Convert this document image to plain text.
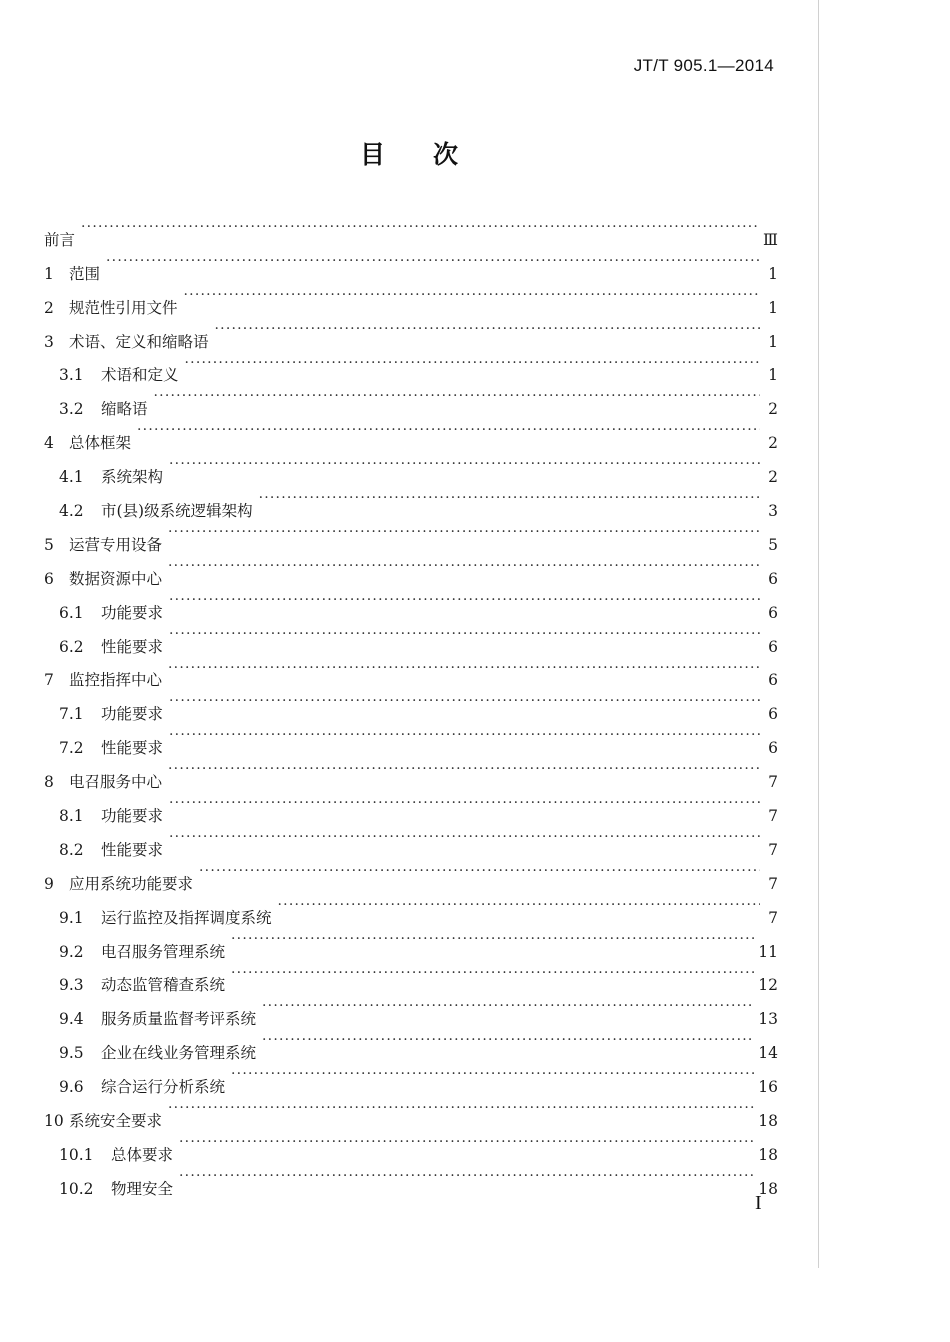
JT/T 905.1—2014
目次
前言 ·····	Ⅲ
1 范围 ·····	1
2 规范性引用文件 ·····	1
3 术语、定义和缩略语 ·····	1
3.1	术语和定义 ·····	1
3.2	缩略语 ·····	2
4 总体框架 ·····	2
4.1	系统架构 ·····	2
4.2	市(县)级系统逻辑架构 ·····	3
5 运营专用设备 ·····	5
6 数据资源中心 ·····	6
6.1	功能要求 ·····	6
6.2	性能要求 ·····	6
7 监控指挥中心 ·····	6
7.1	功能要求 ·····	6
7.2	性能要求 ·····	6
8 电召服务中心 ·····	7
8.1	功能要求 ·····	7
8.2	性能要求 ·····	7
9 应用系统功能要求 ·····	7
9.1	运行监控及指挥调度系统 ·····	7
9.2	电召服务管理系统 ·····	11
9.3	动态监管稽查系统 ·····	12
9.4	服务质量监督考评系统 ·····	13
9.5	企业在线业务管理系统 ·····	14
9.6	综合运行分析系统 ·····	16
10 系统安全要求 ·····	18
10.1	总体要求 ·····	18
10.2	物理安全 ·····	18
I
